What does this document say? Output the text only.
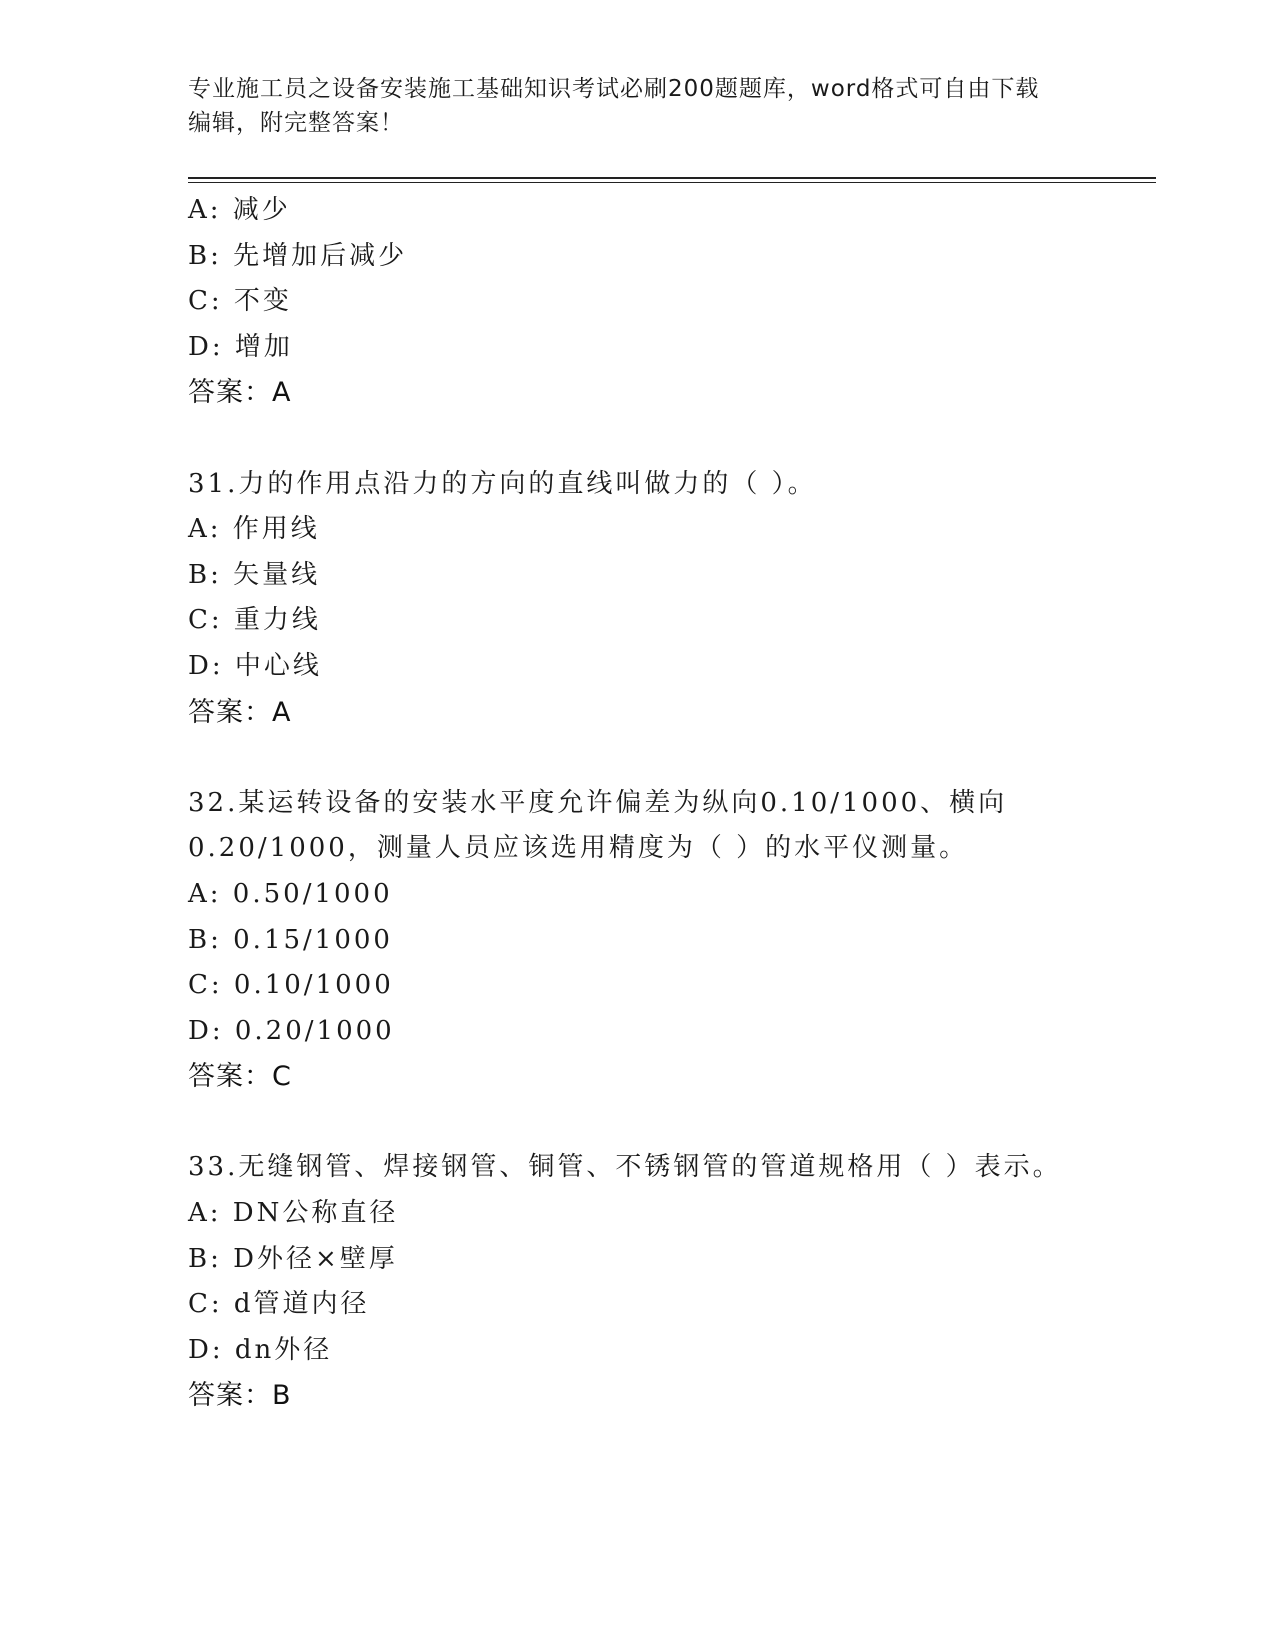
专业施工员之设备安装施工基础知识考试必刷200题题库，word格式可自由下载
编辑，附完整答案！
A: 减少
B: 先增加后减少
C: 不变
D: 增加
答案：A
31.力的作用点沿力的方向的直线叫做力的（ ）。
A: 作用线
B: 矢量线
C: 重力线
D: 中心线
答案：A
32.某运转设备的安装水平度允许偏差为纵向0.10/1000、横向
0.20/1000，测量人员应该选用精度为（ ）的水平仪测量。
A: 0.50/1000
B: 0.15/1000
C: 0.10/1000
D: 0.20/1000
答案：C
33.无缝钢管、焊接钢管、铜管、不锈钢管的管道规格用（ ）表示。
A: DN公称直径
B: D外径×壁厚
C: d管道内径
D: dn外径
答案：B
